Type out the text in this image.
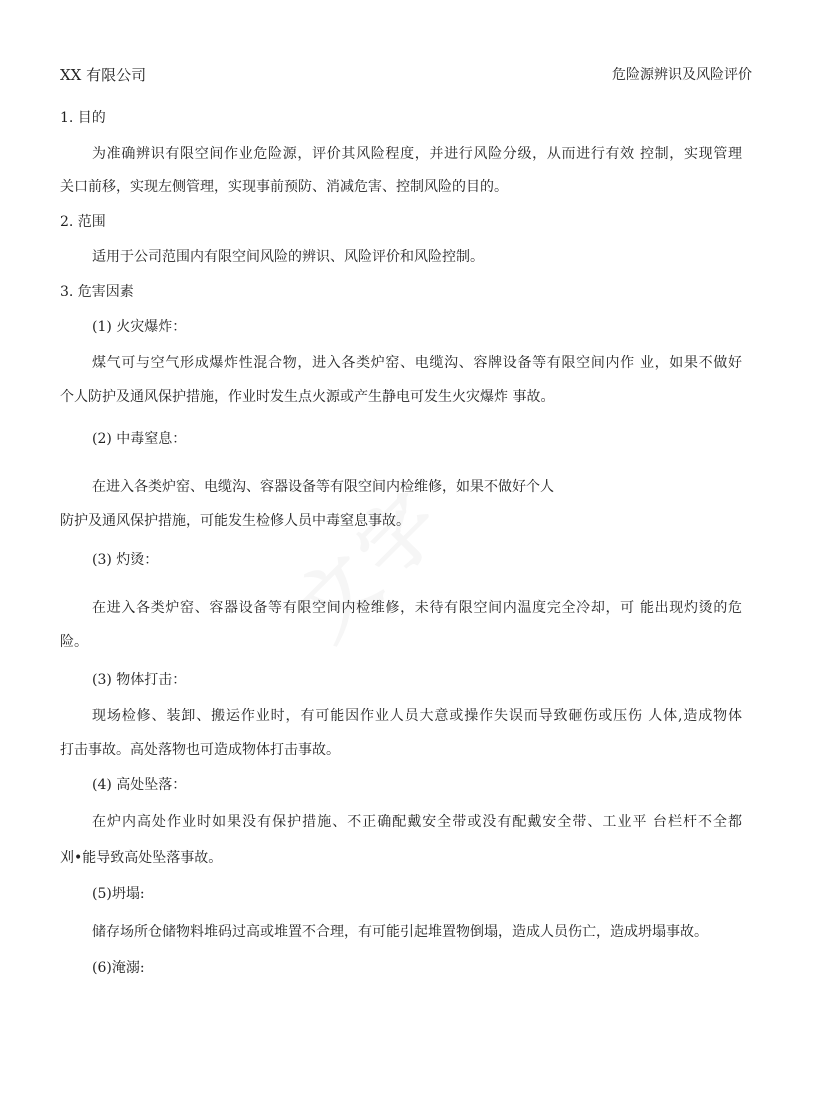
XX 有限公司	危险源辨识及风险评价
1. 目的
为准确辨识有限空间作业危险源，评价其风险程度，并进行风险分级，从而进行有效 控制，实现管理
关口前移，实现左侧管理，实现事前预防、消减危害、控制风险的目的。
2. 范围
适用于公司范围内有限空间风险的辨识、风险评价和风险控制。
3. 危害因素
(1) 火灾爆炸：
煤气可与空气形成爆炸性混合物，进入各类炉窑、电缆沟、容牌设备等有限空间内作 业，如果不做好
个人防护及通风保护措施，作业时发生点火源或产生静电可发生火灾爆炸 事故。
(2) 中毒窒息：
在进入各类炉窑、电缆沟、容器设备等有限空间内检维修，如果不做好个人
防护及通风保护措施，可能发生检修人员中毒窒息事故。
(3) 灼烫：
在进入各类炉窑、容器设备等有限空间内检维修，未待有限空间内温度完全冷却，可 能出现灼烫的危
险。
(3) 物体打击：
现场检修、装卸、搬运作业时，有可能因作业人员大意或操作失误而导致砸伤或压伤 人体,造成物体
打击事故。高处落物也可造成物体打击事故。
(4) 高处坠落：
在炉内高处作业时如果没有保护措施、不正确配戴安全带或没有配戴安全带、工业平 台栏杆不全都
刈•能导致高处坠落事故。
(5)坍塌:
储存场所仓储物料堆码过高或堆置不合理，有可能引起堆置物倒塌，造成人员伤亡，造成坍塌事故。
(6)淹溺:
